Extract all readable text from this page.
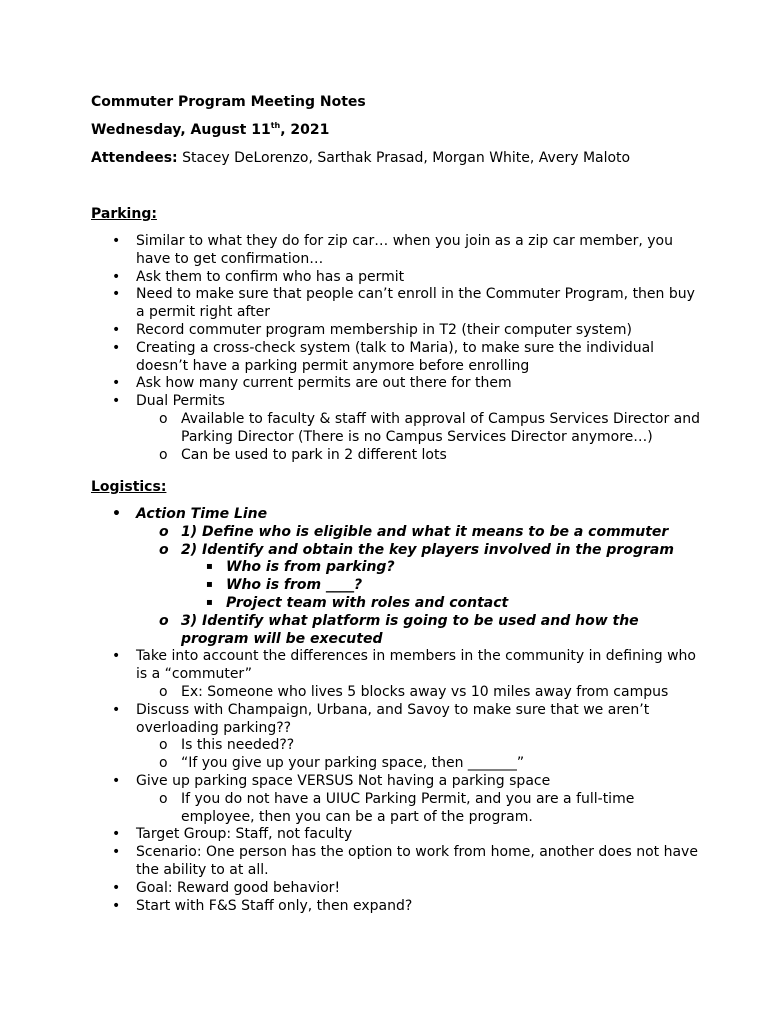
Commuter Program Meeting Notes
Wednesday, August 11th, 2021
Attendees: Stacey DeLorenzo, Sarthak Prasad, Morgan White, Avery Maloto
Parking:
• Similar to what they do for zip car… when you join as a zip car member, you have to get confirmation…
• Ask them to confirm who has a permit
• Need to make sure that people can’t enroll in the Commuter Program, then buy a permit right after
• Record commuter program membership in T2 (their computer system)
• Creating a cross-check system (talk to Maria), to make sure the individual doesn’t have a parking permit anymore before enrolling
• Ask how many current permits are out there for them
• Dual Permits
o Available to faculty & staff with approval of Campus Services Director and Parking Director (There is no Campus Services Director anymore…)
o Can be used to park in 2 different lots
Logistics:
• Action Time Line
o 1) Define who is eligible and what it means to be a commuter
o 2) Identify and obtain the key players involved in the program
▪ Who is from parking?
▪ Who is from ____?
▪ Project team with roles and contact
o 3) Identify what platform is going to be used and how the program will be executed
• Take into account the differences in members in the community in defining who is a “commuter”
o Ex: Someone who lives 5 blocks away vs 10 miles away from campus
• Discuss with Champaign, Urbana, and Savoy to make sure that we aren’t overloading parking??
o Is this needed??
o “If you give up your parking space, then _______”
• Give up parking space VERSUS Not having a parking space
o If you do not have a UIUC Parking Permit, and you are a full-time employee, then you can be a part of the program.
• Target Group: Staff, not faculty
• Scenario: One person has the option to work from home, another does not have the ability to at all.
• Goal: Reward good behavior!
• Start with F&S Staff only, then expand?
